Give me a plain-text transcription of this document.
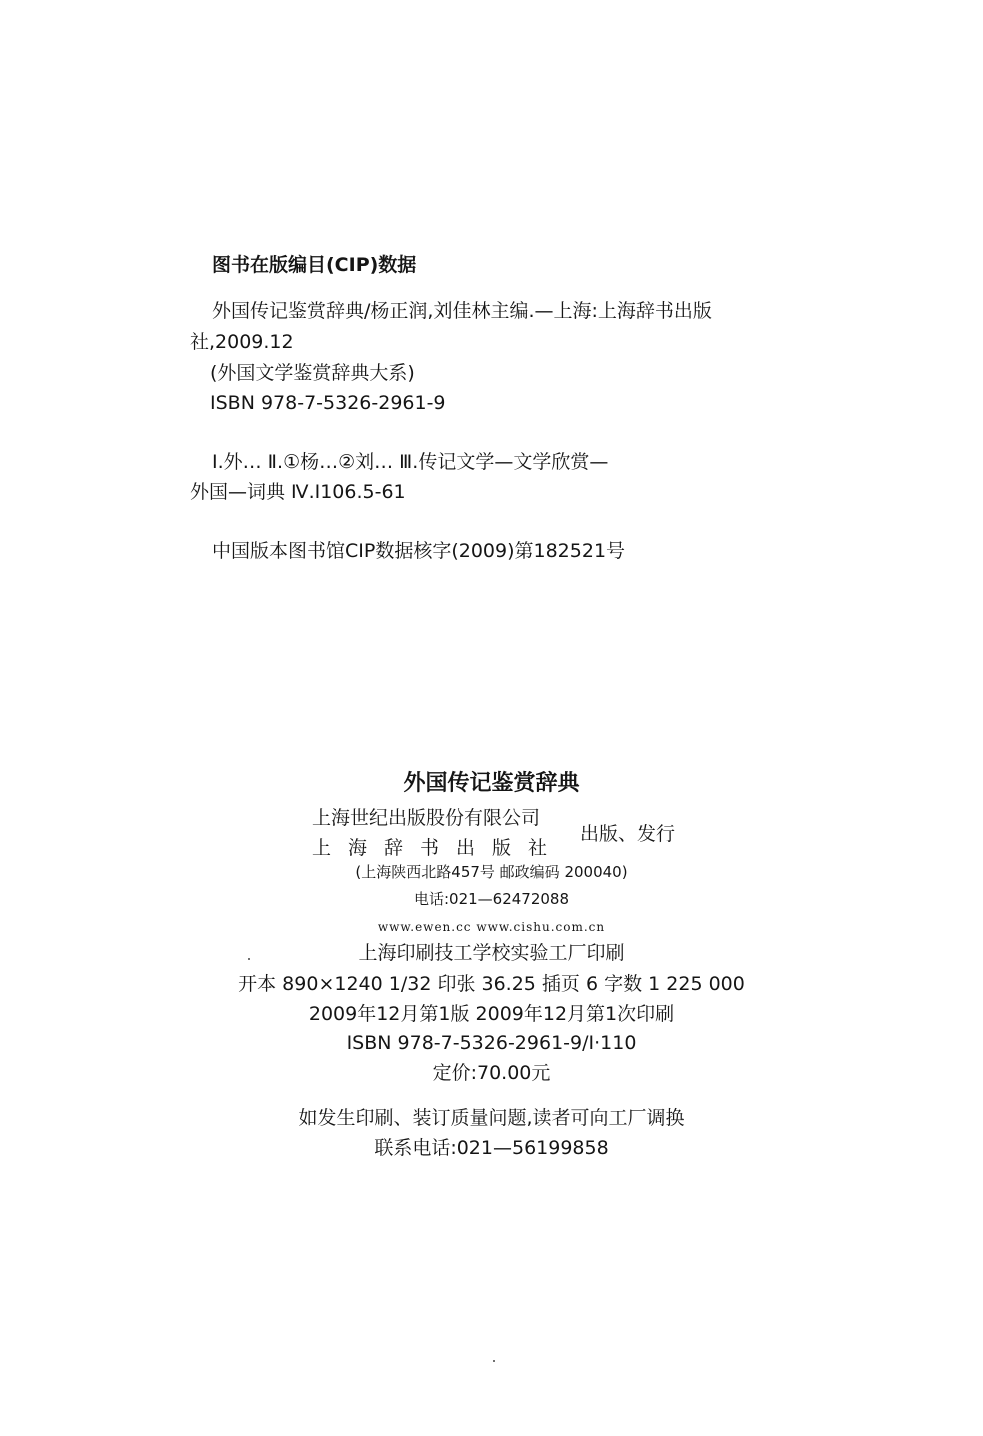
图书在版编目(CIP)数据
外国传记鉴赏辞典/杨正润,刘佳林主编.—上海:上海辞书出版
社,2009.12
(外国文学鉴赏辞典大系)
ISBN 978-7-5326-2961-9
Ⅰ.外… Ⅱ.①杨…②刘… Ⅲ.传记文学—文学欣赏—
外国—词典 Ⅳ.I106.5-61
中国版本图书馆CIP数据核字(2009)第182521号
外国传记鉴赏辞典
上海世纪出版股份有限公司
上海辞书出版社
出版、发行
(上海陕西北路457号 邮政编码 200040)
电话:021—62472088
www.ewen.cc www.cishu.com.cn
上海印刷技工学校实验工厂印刷
开本 890×1240 1/32 印张 36.25 插页 6 字数 1 225 000
2009年12月第1版 2009年12月第1次印刷
ISBN 978-7-5326-2961-9/I·110
定价:70.00元
如发生印刷、装订质量问题,读者可向工厂调换
联系电话:021—56199858
